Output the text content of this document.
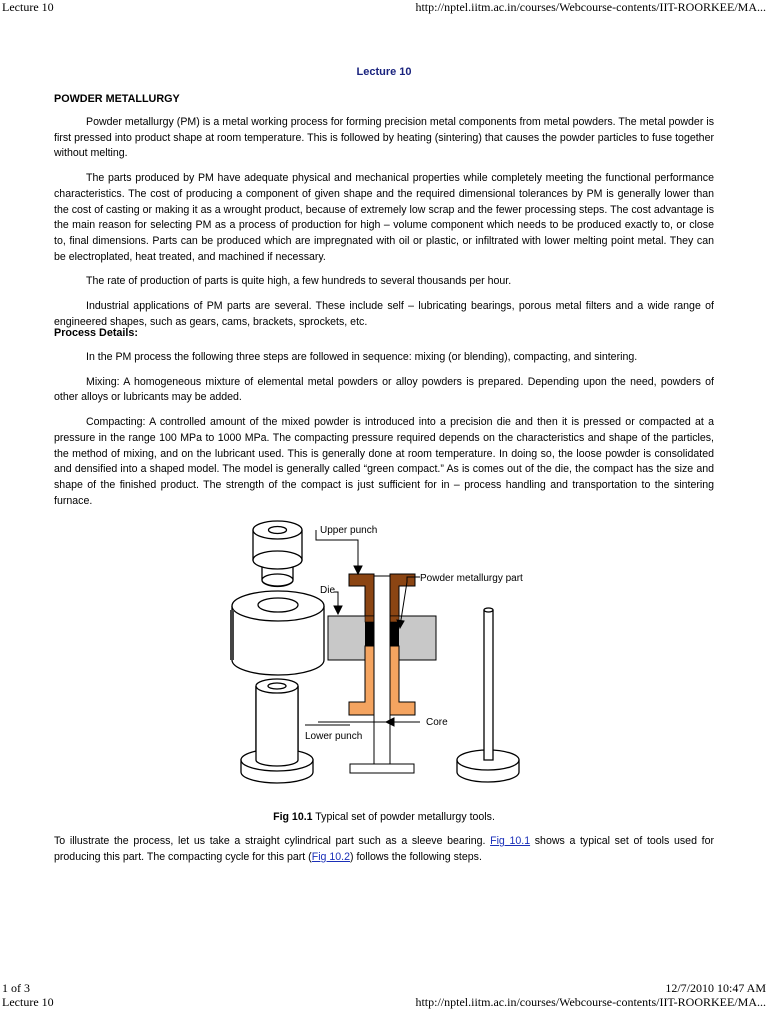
Lecture 10	http://nptel.iitm.ac.in/courses/Webcourse-contents/IIT-ROORKEE/MA...
Lecture 10
POWDER METALLURGY

Powder metallurgy (PM) is a metal working process for forming precision metal components from metal powders. The metal powder is first pressed into product shape at room temperature. This is followed by heating (sintering) that causes the powder particles to fuse together without melting.

The parts produced by PM have adequate physical and mechanical properties while completely meeting the functional performance characteristics. The cost of producing a component of given shape and the required dimensional tolerances by PM is generally lower than the cost of casting or making it as a wrought product, because of extremely low scrap and the fewer processing steps. The cost advantage is the main reason for selecting PM as a process of production for high – volume component which needs to be produced exactly to, or close to, final dimensions. Parts can be produced which are impregnated with oil or plastic, or infiltrated with lower melting point metal. They can be electroplated, heat treated, and machined if necessary.

The rate of production of parts is quite high, a few hundreds to several thousands per hour.

Industrial applications of PM parts are several. These include self – lubricating bearings, porous metal filters and a wide range of engineered shapes, such as gears, cams, brackets, sprockets, etc.

Process Details:

In the PM process the following three steps are followed in sequence: mixing (or blending), compacting, and sintering.

Mixing: A homogeneous mixture of elemental metal powders or alloy powders is prepared. Depending upon the need, powders of other alloys or lubricants may be added.

Compacting: A controlled amount of the mixed powder is introduced into a precision die and then it is pressed or compacted at a pressure in the range 100 MPa to 1000 MPa. The compacting pressure required depends on the characteristics and shape of the particles, the method of mixing, and on the lubricant used. This is generally done at room temperature. In doing so, the loose powder is consolidated and densified into a shaped model. The model is generally called “green compact.” As is comes out of the die, the compact has the size and shape of the finished product. The strength of the compact is just sufficient for in – process handling and transportation to the sintering furnace.

Upper punch
Die
Powder metallurgy part
Core
Lower punch
Fig 10.1 Typical set of powder metallurgy tools.

To illustrate the process, let us take a straight cylindrical part such as a sleeve bearing. Fig 10.1 shows a typical set of tools used for producing this part. The compacting cycle for this part (Fig 10.2) follows the following steps.

1 of 3	12/7/2010 10:47 AM
Lecture 10	http://nptel.iitm.ac.in/courses/Webcourse-contents/IIT-ROORKEE/MA...
